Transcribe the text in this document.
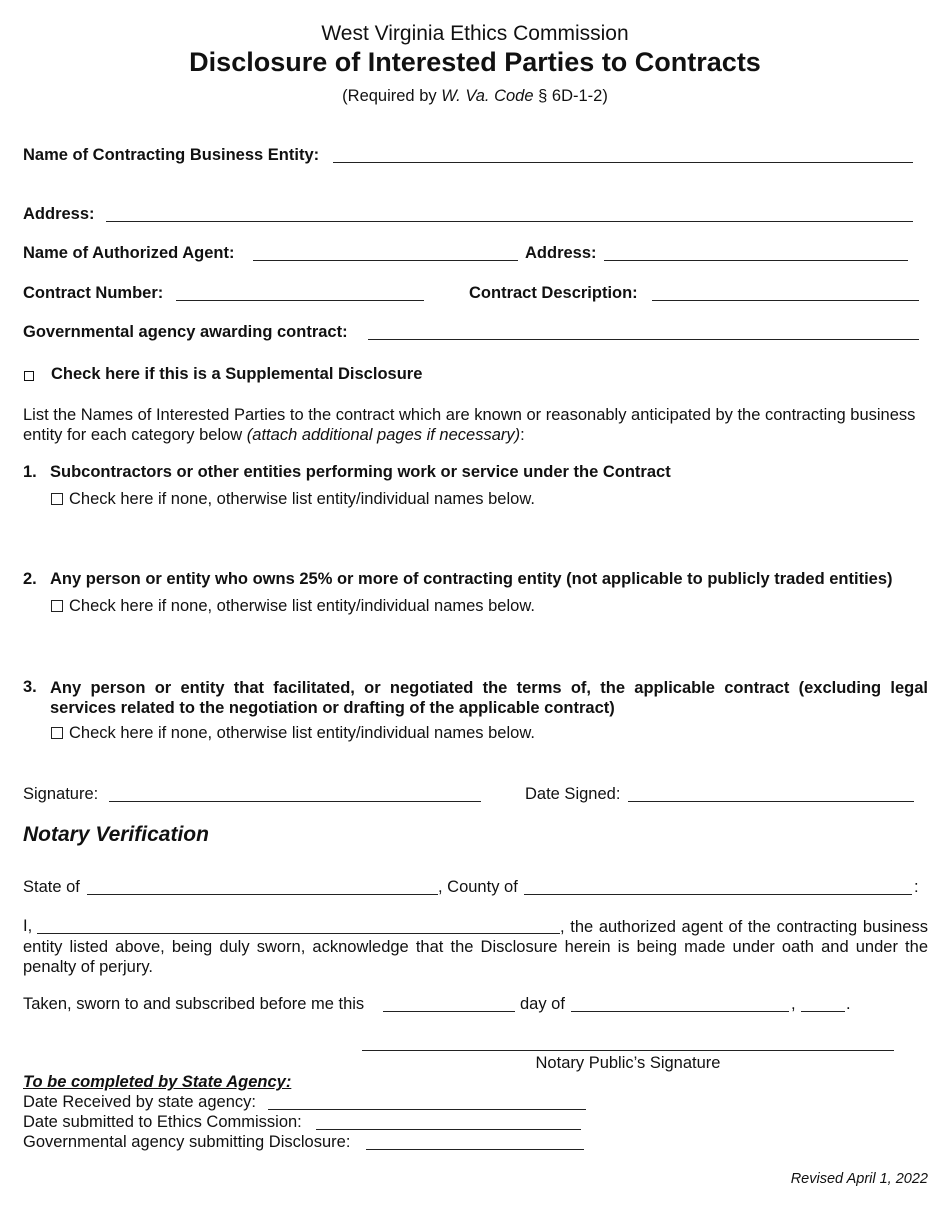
West Virginia Ethics Commission
Disclosure of Interested Parties to Contracts
(Required by W. Va. Code § 6D-1-2)
Name of Contracting Business Entity:
Address:
Name of Authorized Agent:	Address:
Contract Number:	Contract Description:
Governmental agency awarding contract:
Check here if this is a Supplemental Disclosure
List the Names of Interested Parties to the contract which are known or reasonably anticipated by the contracting business entity for each category below (attach additional pages if necessary):
1. Subcontractors or other entities performing work or service under the Contract
Check here if none, otherwise list entity/individual names below.
2. Any person or entity who owns 25% or more of contracting entity (not applicable to publicly traded entities)
Check here if none, otherwise list entity/individual names below.
3. Any person or entity that facilitated, or negotiated the terms of, the applicable contract (excluding legal services related to the negotiation or drafting of the applicable contract)
Check here if none, otherwise list entity/individual names below.
Signature:	Date Signed:
Notary Verification
State of	, County of	:
I,	, the authorized agent of the contracting business entity listed above, being duly sworn, acknowledge that the Disclosure herein is being made under oath and under the penalty of perjury.
Taken, sworn to and subscribed before me this	day of	,	.
Notary Public’s Signature
To be completed by State Agency:
Date Received by state agency:
Date submitted to Ethics Commission:
Governmental agency submitting Disclosure:
Revised April 1, 2022
